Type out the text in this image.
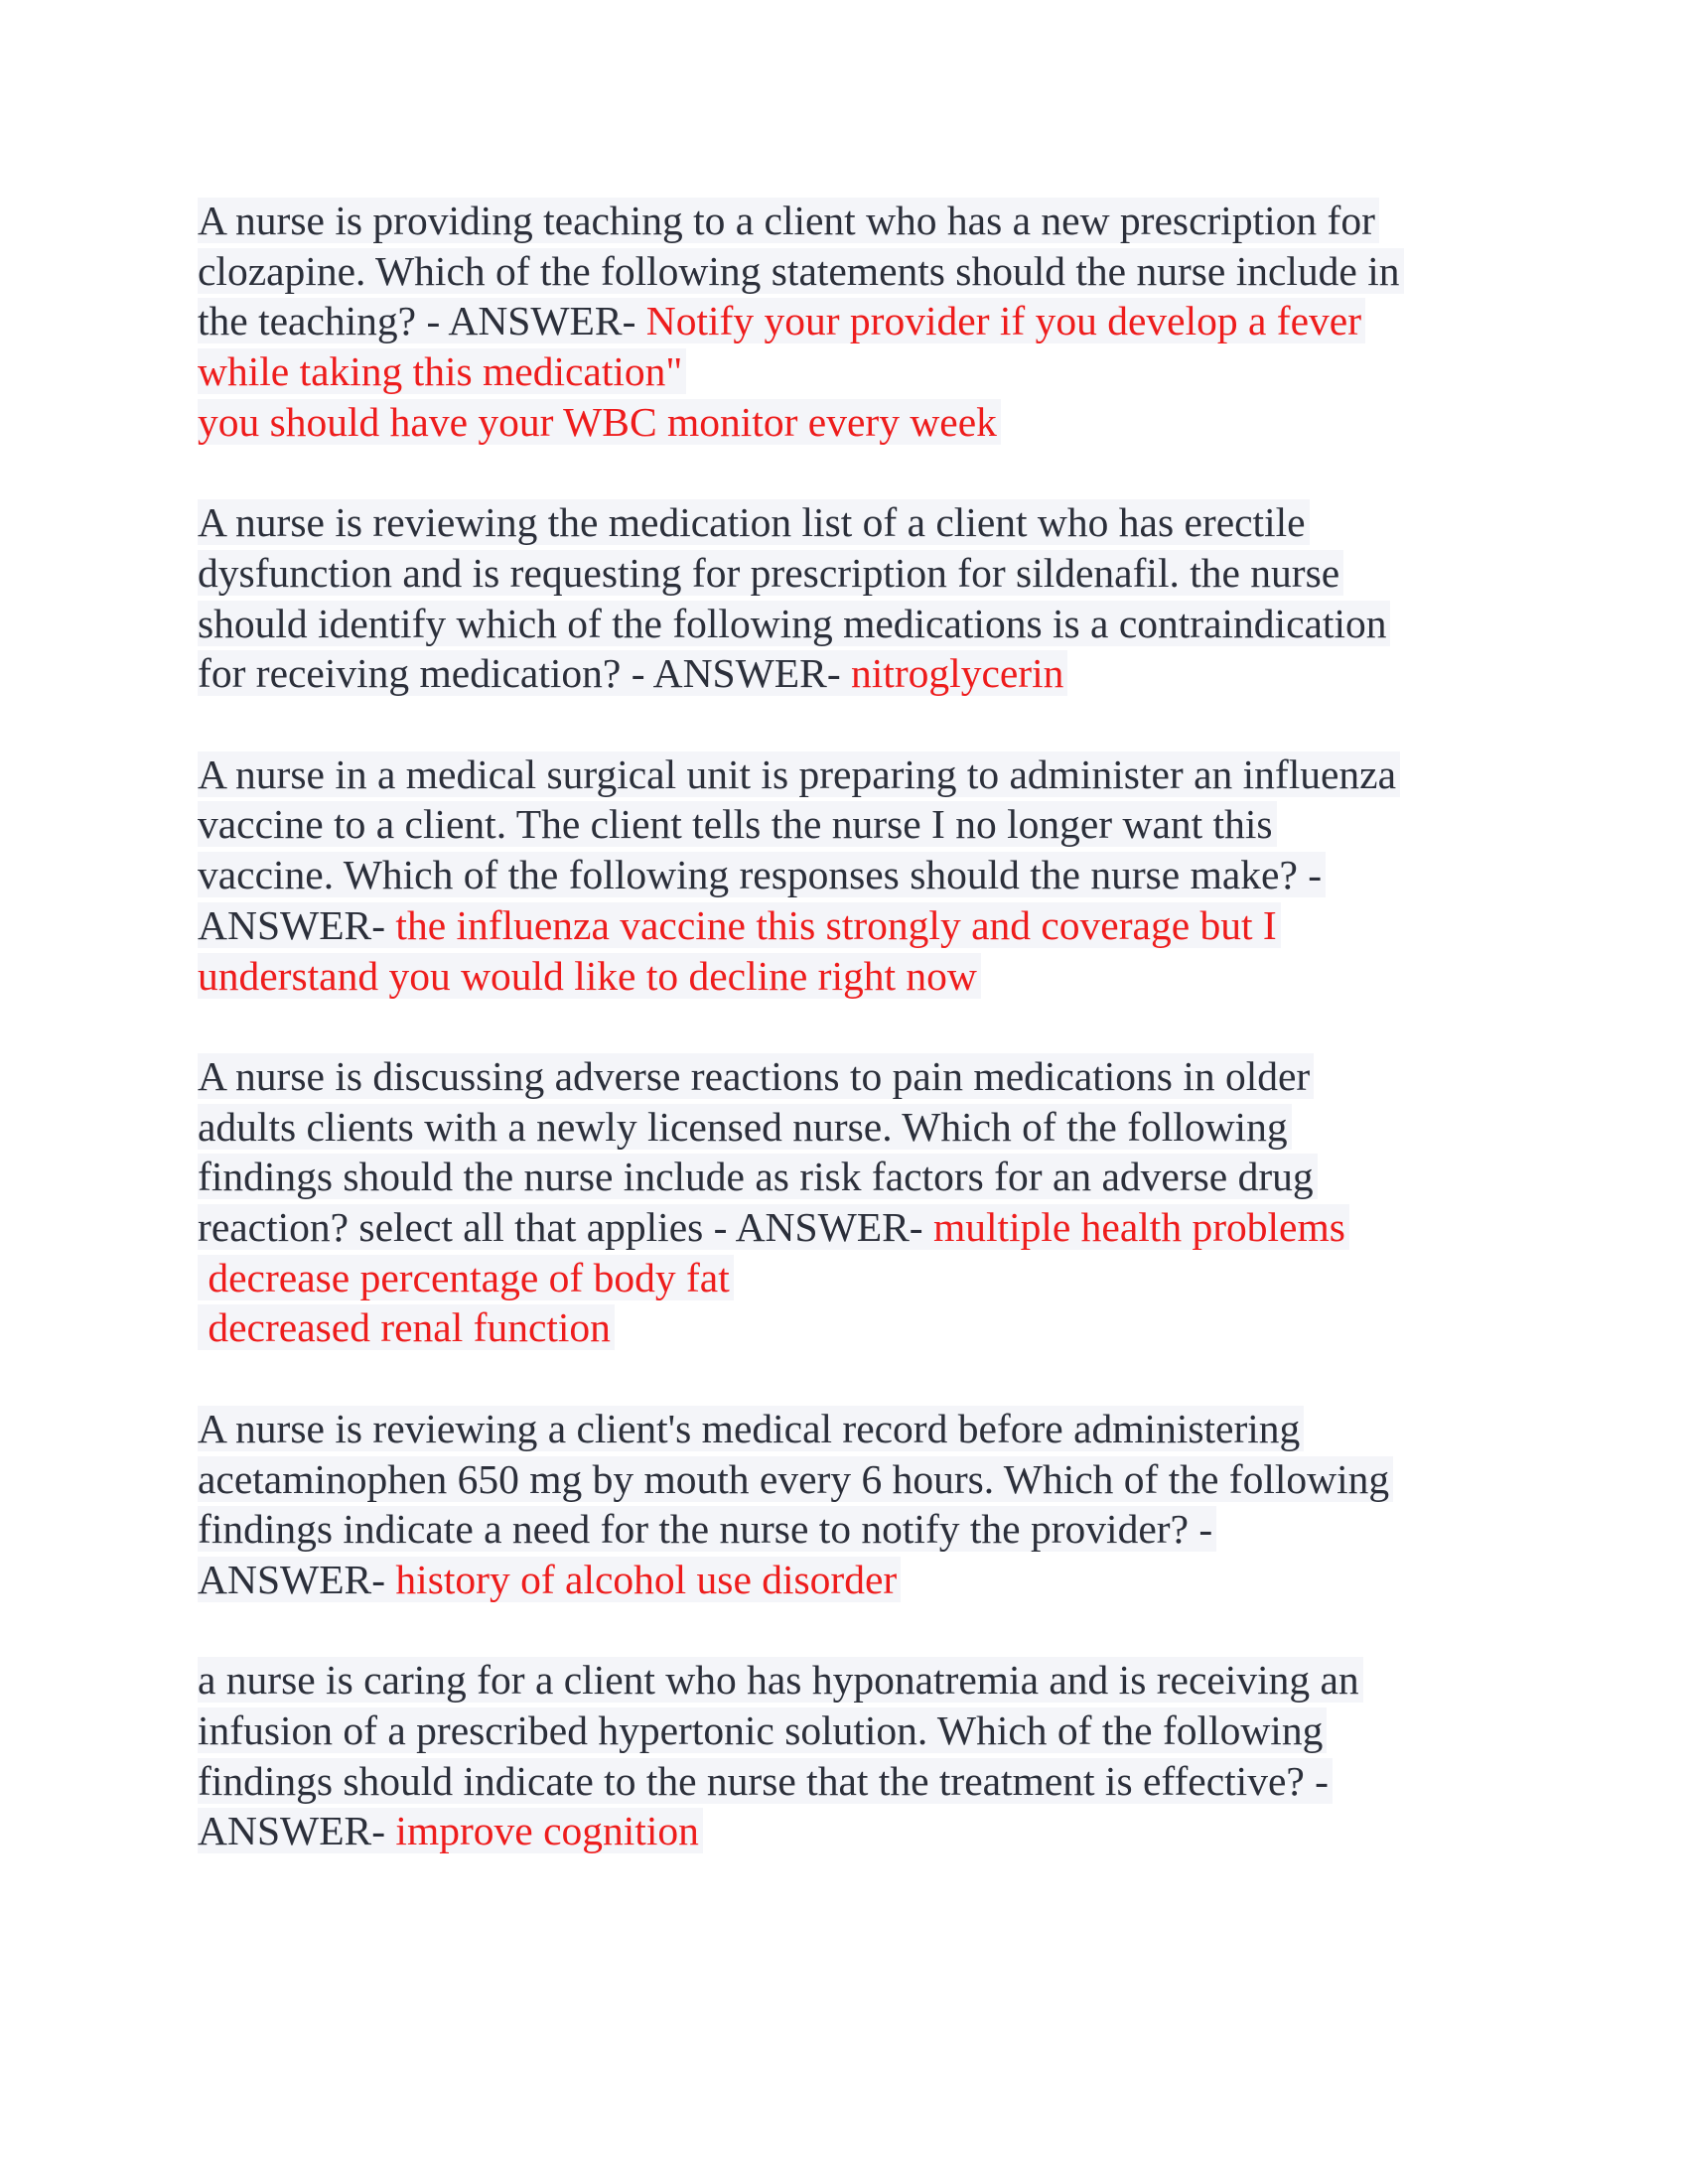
A nurse is providing teaching to a client who has a new prescription for
clozapine. Which of the following statements should the nurse include in
the teaching? - ANSWER- Notify your provider if you develop a fever
while taking this medication"
you should have your WBC monitor every week
A nurse is reviewing the medication list of a client who has erectile
dysfunction and is requesting for prescription for sildenafil. the nurse
should identify which of the following medications is a contraindication
for receiving medication? - ANSWER- nitroglycerin
A nurse in a medical surgical unit is preparing to administer an influenza
vaccine to a client. The client tells the nurse I no longer want this
vaccine. Which of the following responses should the nurse make? -
ANSWER- the influenza vaccine this strongly and coverage but I
understand you would like to decline right now
A nurse is discussing adverse reactions to pain medications in older
adults clients with a newly licensed nurse. Which of the following
findings should the nurse include as risk factors for an adverse drug
reaction? select all that applies - ANSWER- multiple health problems
decrease percentage of body fat
decreased renal function
A nurse is reviewing a client's medical record before administering
acetaminophen 650 mg by mouth every 6 hours. Which of the following
findings indicate a need for the nurse to notify the provider? -
ANSWER- history of alcohol use disorder
a nurse is caring for a client who has hyponatremia and is receiving an
infusion of a prescribed hypertonic solution. Which of the following
findings should indicate to the nurse that the treatment is effective? -
ANSWER- improve cognition
